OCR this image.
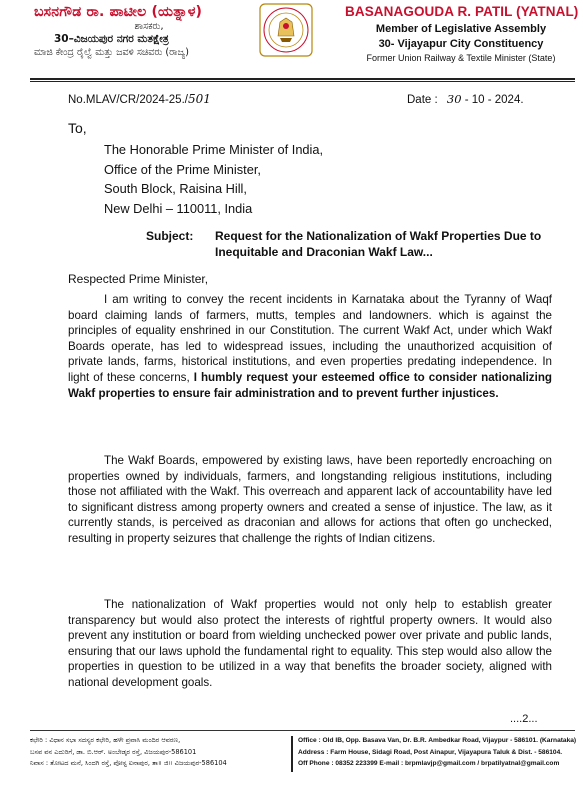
ಬಸನಗೌಡ ರಾ. ಪಾಟೀಲ (ಯತ್ನಾಳ)
ಶಾಸಕರು,
30–ವಿಜಯಪುರ ನಗರ ಮತಕ್ಷೇತ್ರ
ಮಾಜಿ ಕೇಂದ್ರ ರೈಲ್ವೆ ಮತ್ತು ಜವಳಿ ಸಚಿವರು (ರಾಜ್ಯ)
BASANAGOUDA R. PATIL (YATNAL)
Member of Legislative Assembly
30- Vijayapur City Constituency
Former Union Railway & Textile Minister (State)
No.MLAV/CR/2024-25./501	Date : 30 - 10 - 2024.
To,
The Honorable Prime Minister of India,
Office of the Prime Minister,
South Block, Raisina Hill,
New Delhi – 110011, India
Subject: Request for the Nationalization of Wakf Properties Due to Inequitable and Draconian Wakf Law...
Respected Prime Minister,
I am writing to convey the recent incidents in Karnataka about the Tyranny of Waqf board claiming lands of farmers, mutts, temples and landowners. which is against the principles of equality enshrined in our Constitution. The current Wakf Act, under which Wakf Boards operate, has led to widespread issues, including the unauthorized acquisition of private lands, farms, historical institutions, and even properties predating independence. In light of these concerns, I humbly request your esteemed office to consider nationalizing Wakf properties to ensure fair administration and to prevent further injustices.
The Wakf Boards, empowered by existing laws, have been reportedly encroaching on properties owned by individuals, farmers, and longstanding religious institutions, including those not affiliated with the Wakf. This overreach and apparent lack of accountability have led to significant distress among property owners and created a sense of injustice. The law, as it currently stands, is perceived as draconian and allows for actions that often go unchecked, resulting in property seizures that challenge the rights of Indian citizens.
The nationalization of Wakf properties would not only help to establish greater transparency but would also protect the interests of rightful property owners. It would also prevent any institution or board from wielding unchecked power over private and public lands, ensuring that our laws uphold the fundamental right to equality. This step would also allow the properties in question to be utilized in a way that benefits the broader society, aligned with national development goals.
....2...
ಕಛೇರಿ : ವಿಧಾನ ಸಭಾ ಸದಸ್ಯರ ಕಛೇರಿ, ಹಳೇ ಪ್ರವಾಸಿ ಮಂದಿರ ಆವರಣ,
ಬಸವ ವನ ಎದುರಿಗೆ, ಡಾ. ಬಿ.ಆರ್. ಅಂಬೇಡ್ಕರ ರಸ್ತೆ, ವಿಜಯಪುರ-586101
ನಿವಾಸ : ತೋಟದ ಮನೆ, ಸಿಂದಗಿ ರಸ್ತೆ, ಪೋಸ್ಟ ಐನಾಪುರ, ತಾ॥ ಜಿ॥ ವಿಜಯಪುರ-586104
Office : Old IB, Opp. Basava Van, Dr. B.R. Ambedkar Road, Vijaypur - 586101. (Karnataka)
Address : Farm House, Sidagi Road, Post Ainapur, Vijayapura Taluk & Dist. - 586104.
Off Phone : 08352 223399 E-mail : brpmlavjp@gmail.com / brpatilyatnal@gmail.com
